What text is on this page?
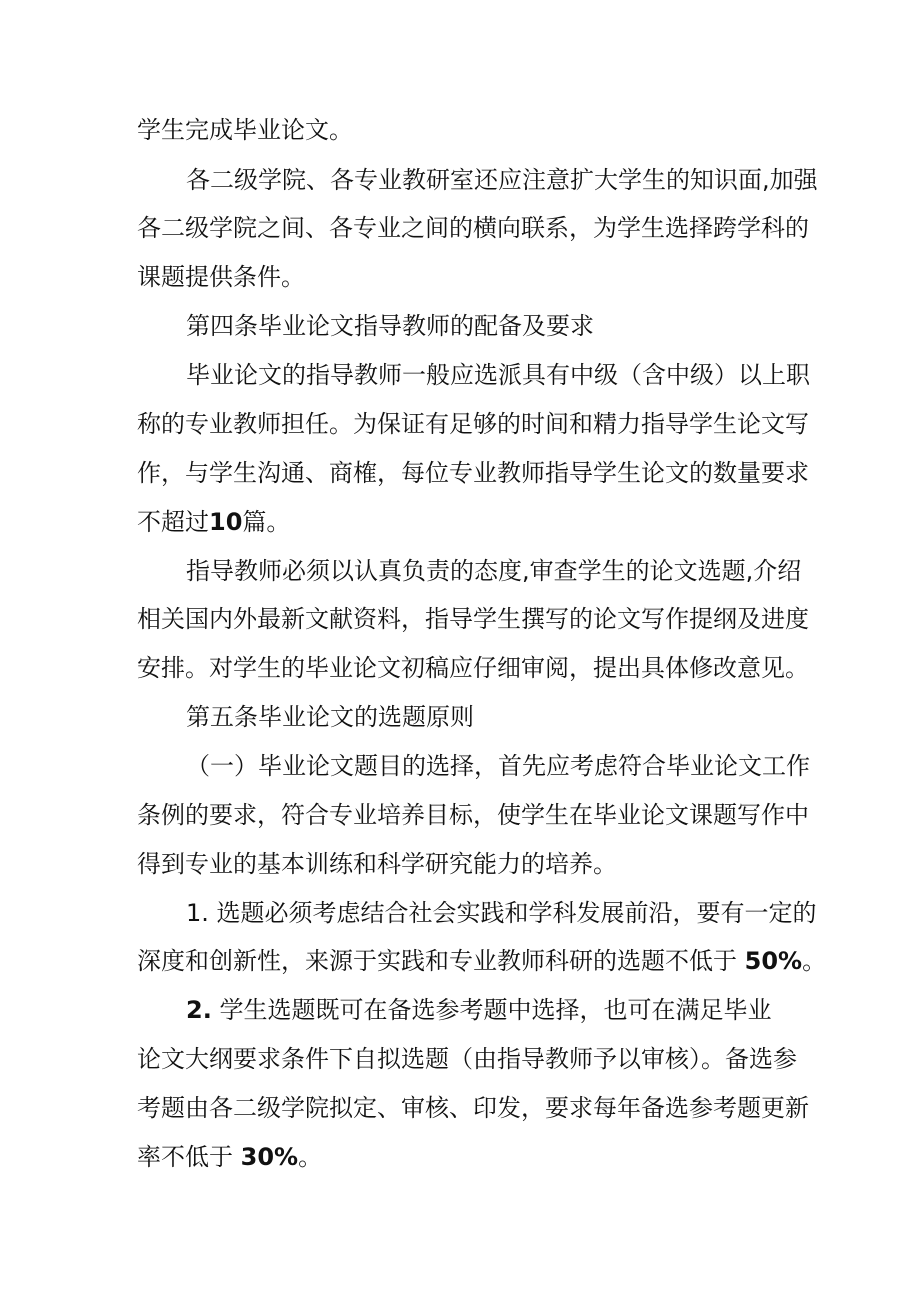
学生完成毕业论文。
各二级学院、各专业教研室还应注意扩大学生的知识面,加强
各二级学院之间、各专业之间的横向联系，为学生选择跨学科的
课题提供条件。
第四条毕业论文指导教师的配备及要求
毕业论文的指导教师一般应选派具有中级（含中级）以上职
称的专业教师担任。为保证有足够的时间和精力指导学生论文写
作，与学生沟通、商榷，每位专业教师指导学生论文的数量要求
不超过10篇。
指导教师必须以认真负责的态度,审查学生的论文选题,介绍
相关国内外最新文献资料，指导学生撰写的论文写作提纲及进度
安排。对学生的毕业论文初稿应仔细审阅，提出具体修改意见。
第五条毕业论文的选题原则
（一）毕业论文题目的选择，首先应考虑符合毕业论文工作
条例的要求，符合专业培养目标，使学生在毕业论文课题写作中
得到专业的基本训练和科学研究能力的培养。
1. 选题必须考虑结合社会实践和学科发展前沿，要有一定的
深度和创新性，来源于实践和专业教师科研的选题不低于 50%。
2. 学生选题既可在备选参考题中选择，也可在满足毕业
论文大纲要求条件下自拟选题（由指导教师予以审核）。备选参
考题由各二级学院拟定、审核、印发，要求每年备选参考题更新
率不低于 30%。
